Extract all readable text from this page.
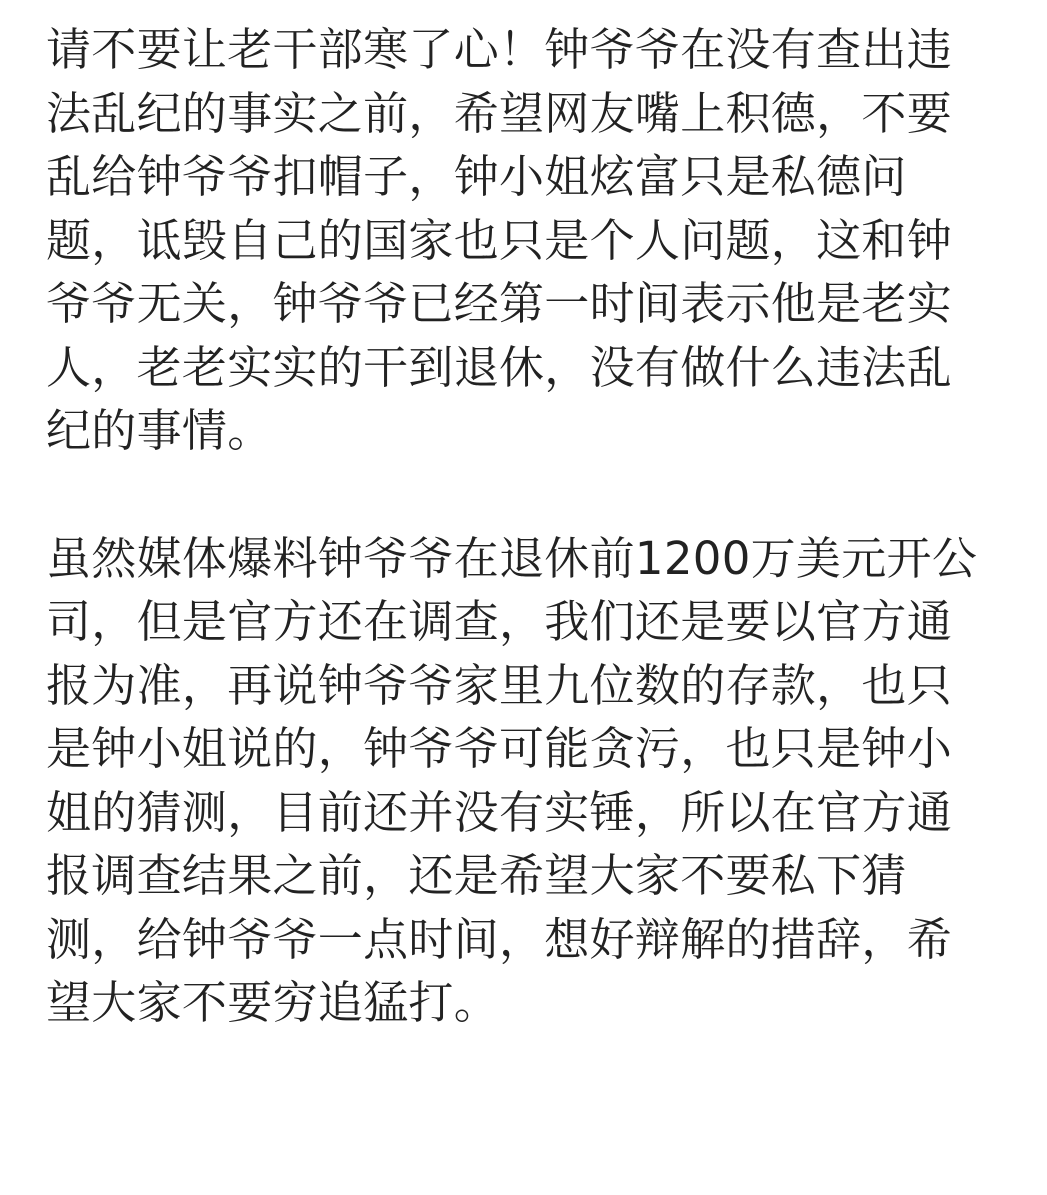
请不要让老干部寒了心！钟爷爷在没有查出违
法乱纪的事实之前，希望网友嘴上积德，不要
乱给钟爷爷扣帽子，钟小姐炫富只是私德问
题，诋毁自己的国家也只是个人问题，这和钟
爷爷无关，钟爷爷已经第一时间表示他是老实
人，老老实实的干到退休，没有做什么违法乱
纪的事情。

虽然媒体爆料钟爷爷在退休前1200万美元开公
司，但是官方还在调查，我们还是要以官方通
报为准，再说钟爷爷家里九位数的存款，也只
是钟小姐说的，钟爷爷可能贪污，也只是钟小
姐的猜测，目前还并没有实锤，所以在官方通
报调查结果之前，还是希望大家不要私下猜
测，给钟爷爷一点时间，想好辩解的措辞，希
望大家不要穷追猛打。
